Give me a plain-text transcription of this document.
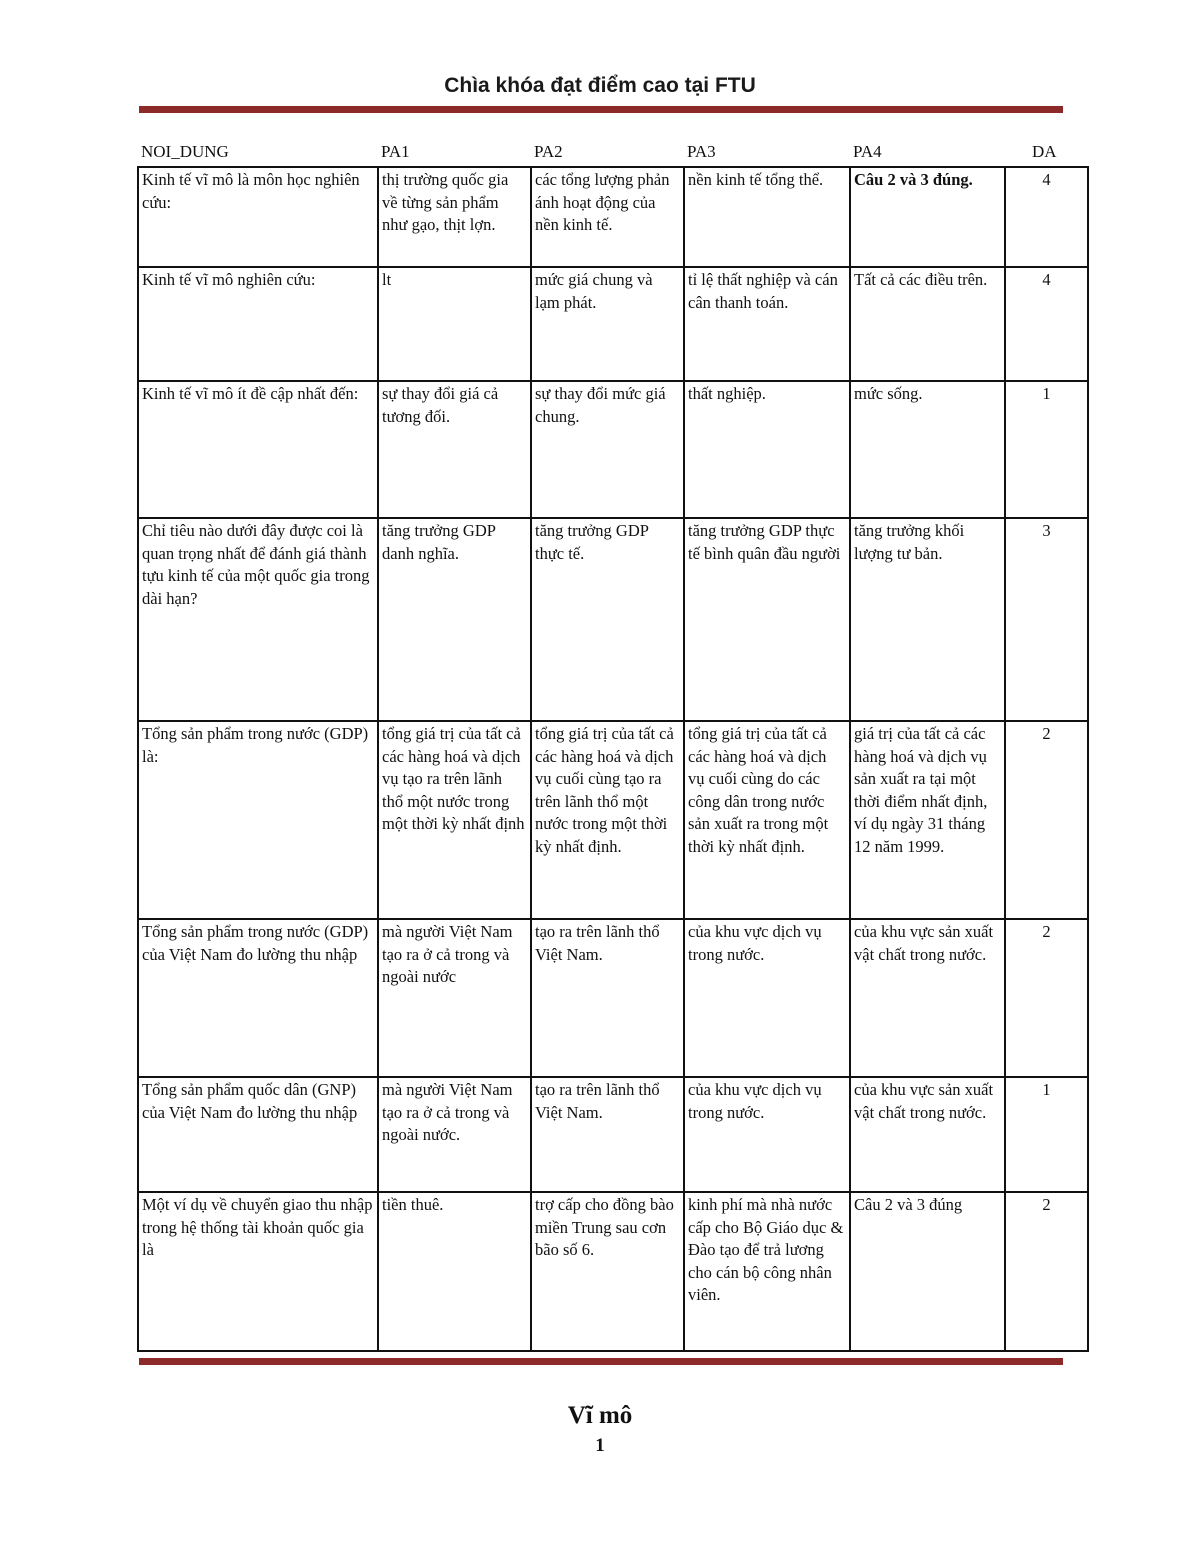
Chìa khóa đạt điểm cao tại FTU
NOI_DUNG	PA1	PA2	PA3	PA4	DA
Kinh tế vĩ mô là môn học nghiên cứu:	thị trường quốc gia về từng sản phẩm như gạo, thịt lợn.	các tổng lượng phản ánh hoạt động của nền kinh tế.	nền kinh tế tổng thể.	Câu 2 và 3 đúng.	4
Kinh tế vĩ mô nghiên cứu:	lt	mức giá chung và lạm phát.	tỉ lệ thất nghiệp và cán cân thanh toán.	Tất cả các điều trên.	4
Kinh tế vĩ mô ít đề cập nhất đến:	sự thay đổi giá cả tương đối.	sự thay đổi mức giá chung.	thất nghiệp.	mức sống.	1
Chỉ tiêu nào dưới đây được coi là quan trọng nhất để đánh giá thành tựu kinh tế của một quốc gia trong dài hạn?	tăng trưởng GDP danh nghĩa.	tăng trưởng GDP thực tế.	tăng trưởng GDP thực tế bình quân đầu người	tăng trưởng khối lượng tư bản.	3
Tổng sản phẩm trong nước (GDP) là:	tổng giá trị của tất cả các hàng hoá và dịch vụ tạo ra trên lãnh thổ một nước trong một thời kỳ nhất định	tổng giá trị của tất cả các hàng hoá và dịch vụ cuối cùng tạo ra trên lãnh thổ một nước trong một thời kỳ nhất định.	tổng giá trị của tất cả các hàng hoá và dịch vụ cuối cùng do các công dân trong nước sản xuất ra trong một thời kỳ nhất định.	giá trị của tất cả các hàng hoá và dịch vụ sản xuất ra tại một thời điểm nhất định, ví dụ ngày 31 tháng 12 năm 1999.	2
Tổng sản phẩm trong nước (GDP) của Việt Nam đo lường thu nhập	mà người Việt Nam tạo ra ở cả trong và ngoài nước	tạo ra trên lãnh thổ Việt Nam.	của khu vực dịch vụ trong nước.	của khu vực sản xuất vật chất trong nước.	2
Tổng sản phẩm quốc dân (GNP) của Việt Nam đo lường thu nhập	mà người Việt Nam tạo ra ở cả trong và ngoài nước.	tạo ra trên lãnh thổ Việt Nam.	của khu vực dịch vụ trong nước.	của khu vực sản xuất vật chất trong nước.	1
Một ví dụ về chuyển giao thu nhập trong hệ thống tài khoản quốc gia là	tiền thuê.	trợ cấp cho đồng bào miền Trung sau cơn bão số 6.	kinh phí mà nhà nước cấp cho Bộ Giáo dục & Đào tạo để trả lương cho cán bộ công nhân viên.	Câu 2 và 3 đúng	2
Vĩ mô
1
